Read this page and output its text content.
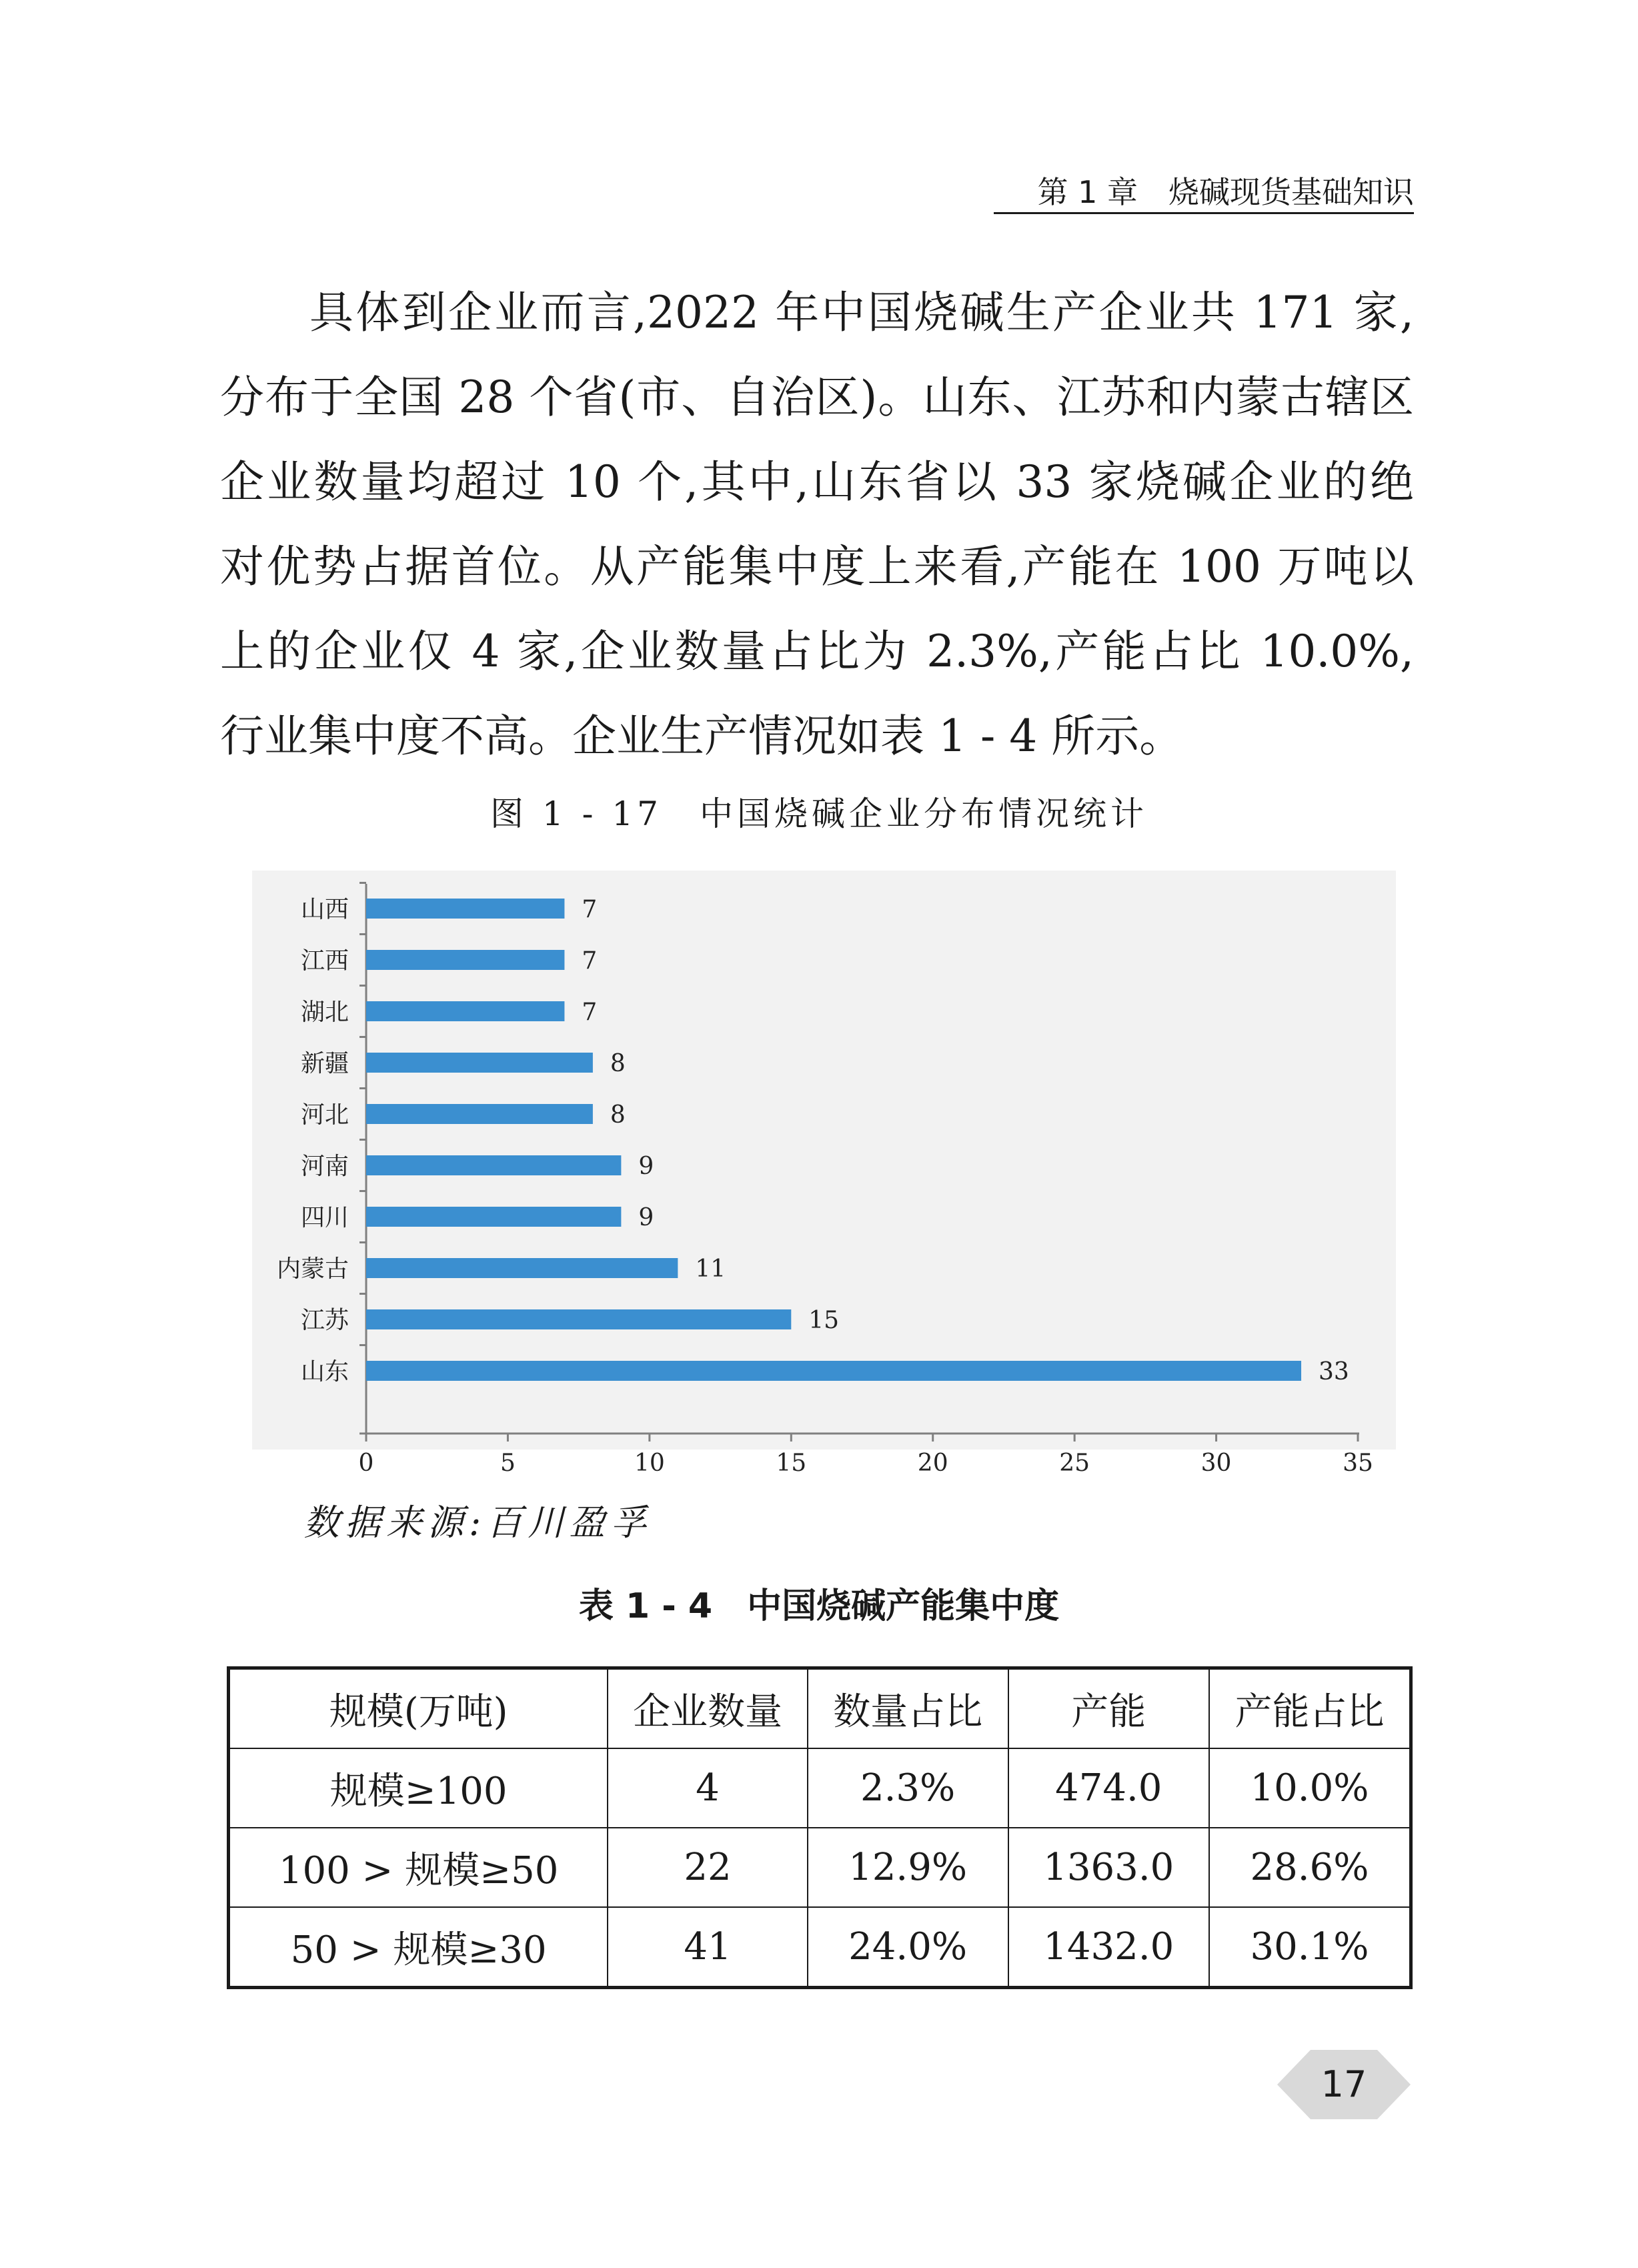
第 1 章　烧碱现货基础知识
具体到企业而言,2022 年中国烧碱生产企业共 171 家,
分布于全国 28 个省(市、自治区)。山东、江苏和内蒙古辖区
企业数量均超过 10 个,其中,山东省以 33 家烧碱企业的绝
对优势占据首位。从产能集中度上来看,产能在 100 万吨以
上的企业仅 4 家,企业数量占比为 2.3%,产能占比 10.0%,
行业集中度不高。企业生产情况如表 1 - 4 所示。
图 1 - 17　中国烧碱企业分布情况统计
0	5	10	15	20	25	30	35
山西	7
江西	7
湖北	7
新疆	8
河北	8
河南	9
四川	9
内蒙古	11
江苏	15
山东	33
数据来源:百川盈孚
表 1 - 4　中国烧碱产能集中度
规模(万吨)	企业数量	数量占比	产能	产能占比
规模≥100	4	2.3%	474.0	10.0%
100 > 规模≥50	22	12.9%	1363.0	28.6%
50 > 规模≥30	41	24.0%	1432.0	30.1%
17
